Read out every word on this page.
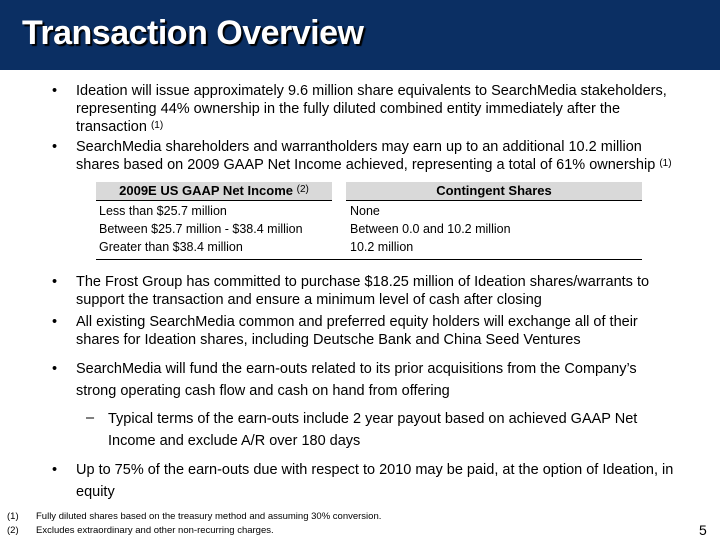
Transaction Overview
• Ideation will issue approximately 9.6 million share equivalents to SearchMedia stakeholders, representing 44% ownership in the fully diluted combined entity immediately after the transaction $^{(1)}$
• SearchMedia shareholders and warrantholders may earn up to an additional 10.2 million shares based on 2009 GAAP Net Income achieved, representing a total of 61% ownership $^{(1)}$
2009E US GAAP Net Income $^{(2)}$	Contingent Shares
Less than $25.7 million	None
Between $25.7 million - $38.4 million	Between 0.0 and 10.2 million
Greater than $38.4 million	10.2 million
• The Frost Group has committed to purchase $18.25 million of Ideation shares/warrants to support the transaction and ensure a minimum level of cash after closing
• All existing SearchMedia common and preferred equity holders will exchange all of their shares for Ideation shares, including Deutsche Bank and China Seed Ventures
• SearchMedia will fund the earn-outs related to its prior acquisitions from the Company’s strong operating cash flow and cash on hand from offering
– Typical terms of the earn-outs include 2 year payout based on achieved GAAP Net Income and exclude A/R over 180 days
• Up to 75% of the earn-outs due with respect to 2010 may be paid, at the option of Ideation, in equity
(1) Fully diluted shares based on the treasury method and assuming 30% conversion.
(2) Excludes extraordinary and other non-recurring charges.	5
